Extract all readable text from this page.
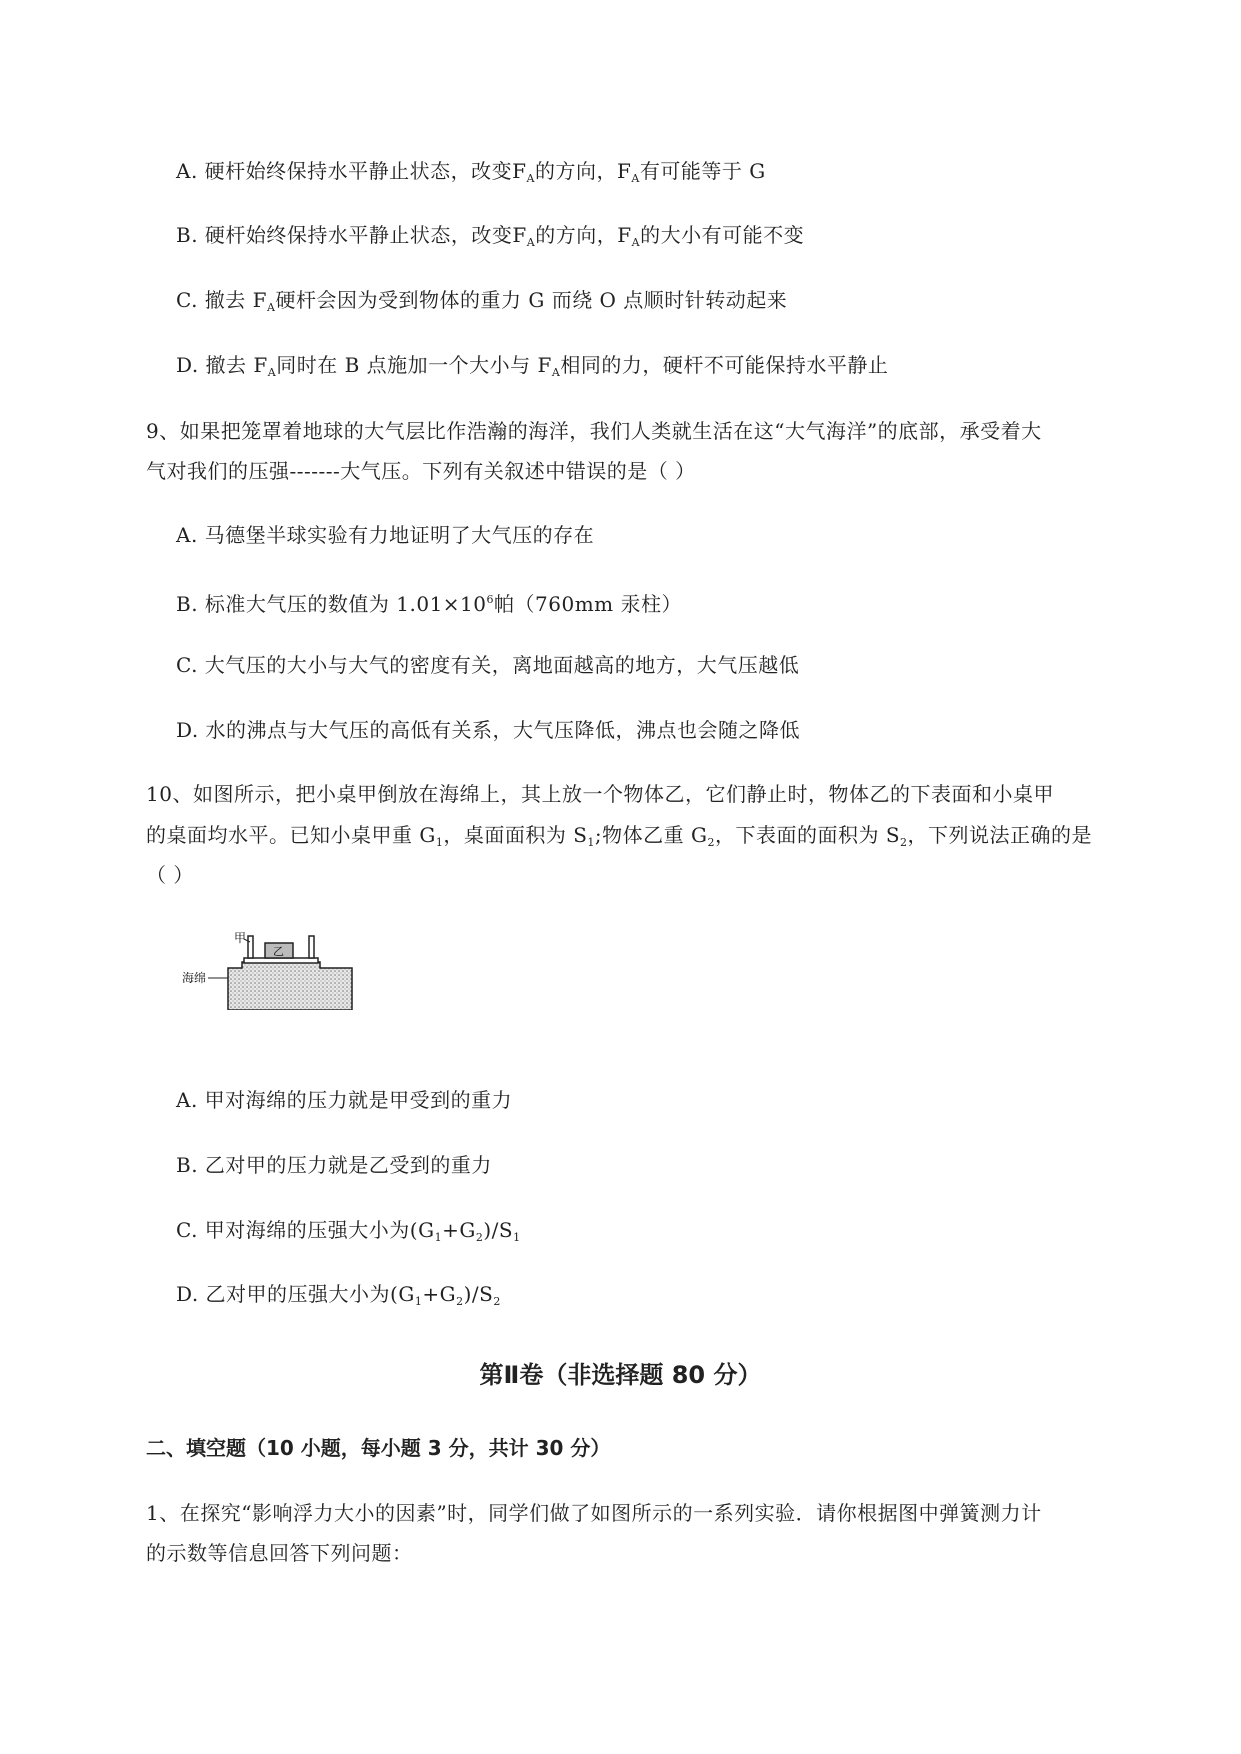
A. 硬杆始终保持水平静止状态，改变$F_A$的方向，$F_A$有可能等于 G
B. 硬杆始终保持水平静止状态，改变$F_A$的方向，$F_A$的大小有可能不变
C. 撤去 $F_A$硬杆会因为受到物体的重力 G 而绕 O 点顺时针转动起来
D. 撤去 $F_A$同时在 B 点施加一个大小与 $F_A$相同的力，硬杆不可能保持水平静止
9、如果把笼罩着地球的大气层比作浩瀚的海洋，我们人类就生活在这“大气海洋”的底部，承受着大
气对我们的压强-------大气压。下列有关叙述中错误的是（ ）
A. 马德堡半球实验有力地证明了大气压的存在
B. 标准大气压的数值为 $1.01\times 10^6$帕（760mm 汞柱）
C. 大气压的大小与大气的密度有关，离地面越高的地方，大气压越低
D. 水的沸点与大气压的高低有关系，大气压降低，沸点也会随之降低
10、如图所示，把小桌甲倒放在海绵上，其上放一个物体乙，它们静止时，物体乙的下表面和小桌甲
的桌面均水平。已知小桌甲重 $G_1$，桌面面积为 $S_1$;物体乙重 $G_2$，下表面的面积为 $S_2$，下列说法正确的是
（ ）
乙
甲
海绵
A. 甲对海绵的压力就是甲受到的重力
B. 乙对甲的压力就是乙受到的重力
C. 甲对海绵的压强大小为$(G_1+G_2)/S_1$
D. 乙对甲的压强大小为$(G_1+G_2)/S_2$
第Ⅱ卷（非选择题 80 分）
二、填空题（10 小题，每小题 3 分，共计 30 分）
1、在探究“影响浮力大小的因素”时，同学们做了如图所示的一系列实验．请你根据图中弹簧测力计
的示数等信息回答下列问题：
